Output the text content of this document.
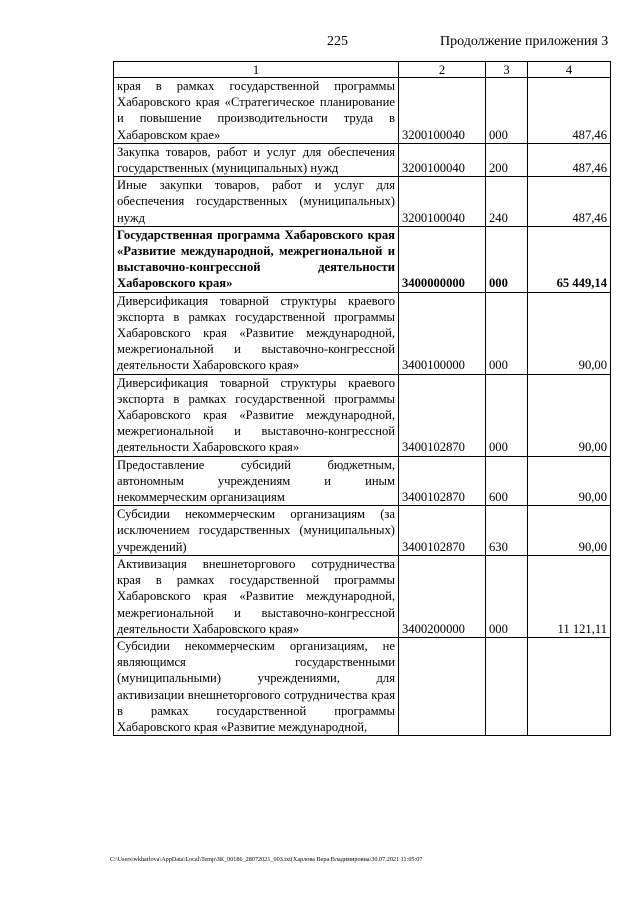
225	Продолжение приложения 3
1	2	3	4
края в рамках государственной программы Хабаровского края «Стратегическое планирование и повышение производительности труда в Хабаровском крае»	3200100040	000	487,46
Закупка товаров, работ и услуг для обеспечения государственных (муниципальных) нужд	3200100040	200	487,46
Иные закупки товаров, работ и услуг для обеспечения государственных (муниципальных) нужд	3200100040	240	487,46
Государственная программа Хабаровского края «Развитие международной, межрегиональной и выставочно-конгрессной деятельности Хабаровского края»	3400000000	000	65 449,14
Диверсификация товарной структуры краевого экспорта в рамках государственной программы Хабаровского края «Развитие международной, межрегиональной и выставочно-конгрессной деятельности Хабаровского края»	3400100000	000	90,00
Диверсификация товарной структуры краевого экспорта в рамках государственной программы Хабаровского края «Развитие международной, межрегиональной и выставочно-конгрессной деятельности Хабаровского края»	3400102870	000	90,00
Предоставление субсидий бюджетным, автономным учреждениям и иным некоммерческим организациям	3400102870	600	90,00
Субсидии некоммерческим организациям (за исключением государственных (муниципальных) учреждений)	3400102870	630	90,00
Активизация внешнеторгового сотрудничества края в рамках государственной программы Хабаровского края «Развитие международной, межрегиональной и выставочно-конгрессной деятельности Хабаровского края»	3400200000	000	11 121,11
Субсидии некоммерческим организациям, не являющимся государственными (муниципальными) учреждениями, для активизации внешнеторгового сотрудничества края в рамках государственной программы Хабаровского края «Развитие международной,			
C:\Users\wkharlova\AppData\Local\Temp\ЗК_00186_28072021_003.txt(Харлова Вера Владимировна\30.07.2021 11:05:07
